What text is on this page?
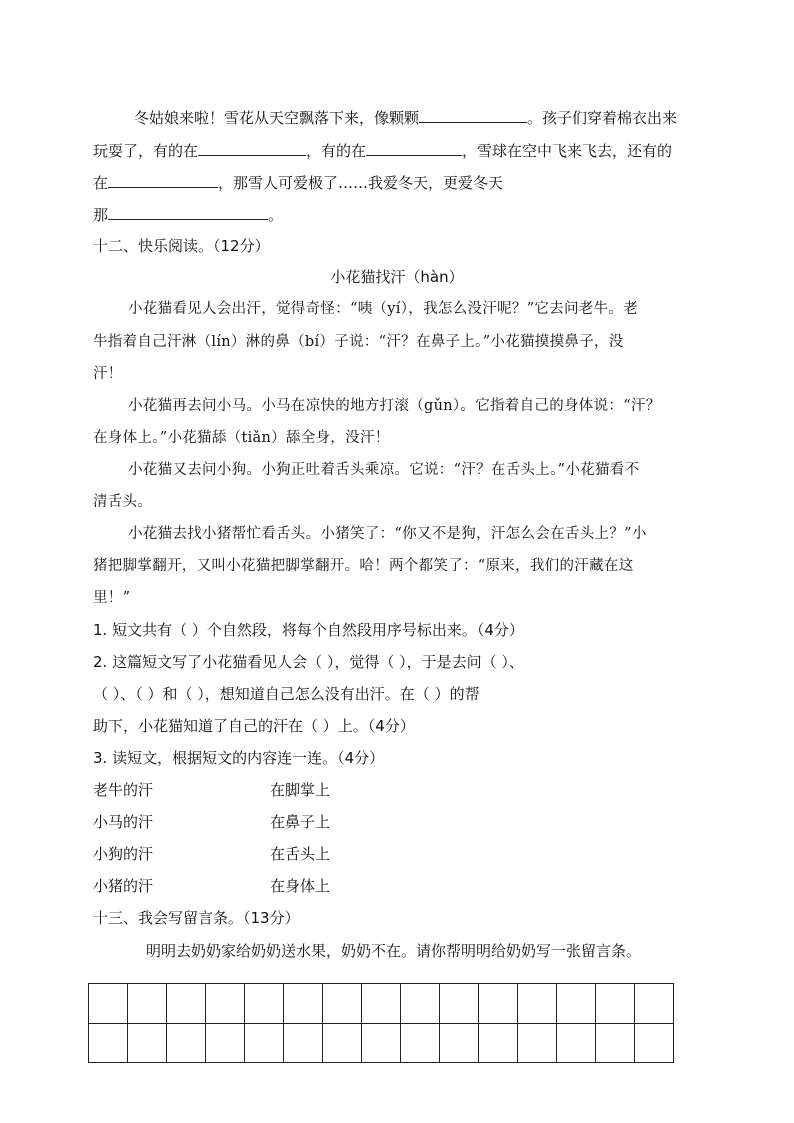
冬姑娘来啦！雪花从天空飘落下来，像颗颗	。孩子们穿着棉衣出来
玩耍了，有的在	，有的在	，雪球在空中飞来飞去，还有的
在	，那雪人可爱极了……我爱冬天，更爱冬天
那	。
十二、快乐阅读。（12分）
小花猫找汗（hàn）
小花猫看见人会出汗，觉得奇怪：“咦（yí），我怎么没汗呢？”它去问老牛。老
牛指着自己汗淋（lín）淋的鼻（bí）子说：“汗？在鼻子上。”小花猫摸摸鼻子，没
汗！
小花猫再去问小马。小马在凉快的地方打滚（gǔn）。它指着自己的身体说：“汗？
在身体上。”小花猫舔（tiǎn）舔全身，没汗！
小花猫又去问小狗。小狗正吐着舌头乘凉。它说：“汗？在舌头上。”小花猫看不
清舌头。
小花猫去找小猪帮忙看舌头。小猪笑了：“你又不是狗，汗怎么会在舌头上？”小
猪把脚掌翻开，又叫小花猫把脚掌翻开。哈！两个都笑了：“原来，我们的汗藏在这
里！”
1. 短文共有（ ）个自然段，将每个自然段用序号标出来。（4分）
2. 这篇短文写了小花猫看见人会（ ），觉得（ ），于是去问（ ）、
（ ）、（ ）和（ ），想知道自己怎么没有出汗。在（ ）的帮
助下，小花猫知道了自己的汗在（ ）上。（4分）
3. 读短文，根据短文的内容连一连。（4分）
老牛的汗	在脚掌上
小马的汗	在鼻子上
小狗的汗	在舌头上
小猪的汗	在身体上
十三、我会写留言条。（13分）
明明去奶奶家给奶奶送水果，奶奶不在。请你帮明明给奶奶写一张留言条。
